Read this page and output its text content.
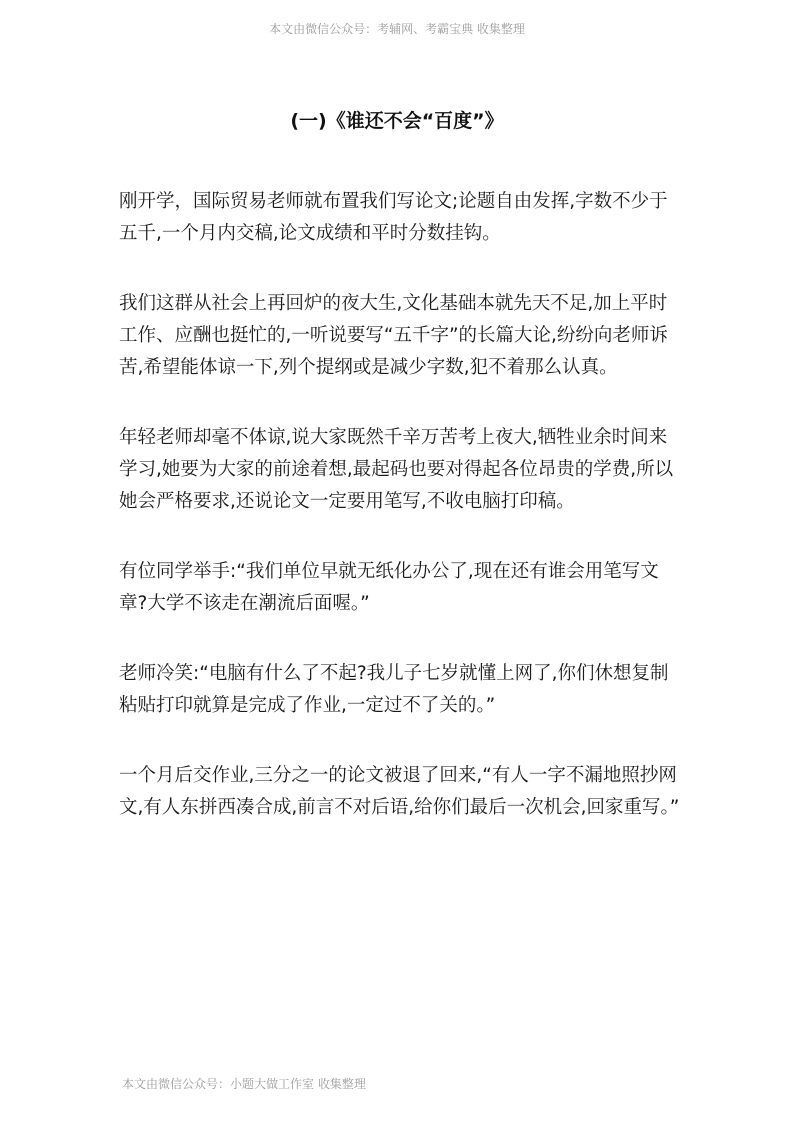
本文由微信公众号：考辅网、考霸宝典 收集整理
(一)《谁还不会“百度”》

刚开学，国际贸易老师就布置我们写论文;论题自由发挥,字数不少于五千,一个月内交稿,论文成绩和平时分数挂钩。

我们这群从社会上再回炉的夜大生,文化基础本就先天不足,加上平时工作、应酬也挺忙的,一听说要写“五千字”的长篇大论,纷纷向老师诉苦,希望能体谅一下,列个提纲或是减少字数,犯不着那么认真。

年轻老师却毫不体谅,说大家既然千辛万苦考上夜大,牺牲业余时间来学习,她要为大家的前途着想,最起码也要对得起各位昂贵的学费,所以她会严格要求,还说论文一定要用笔写,不收电脑打印稿。

有位同学举手:“我们单位早就无纸化办公了,现在还有谁会用笔写文章?大学不该走在潮流后面喔。”

老师冷笑:“电脑有什么了不起?我儿子七岁就懂上网了,你们休想复制粘贴打印就算是完成了作业,一定过不了关的。”

一个月后交作业,三分之一的论文被退了回来,“有人一字不漏地照抄网文,有人东拼西凑合成,前言不对后语,给你们最后一次机会,回家重写。”

本文由微信公众号：小题大做工作室 收集整理
